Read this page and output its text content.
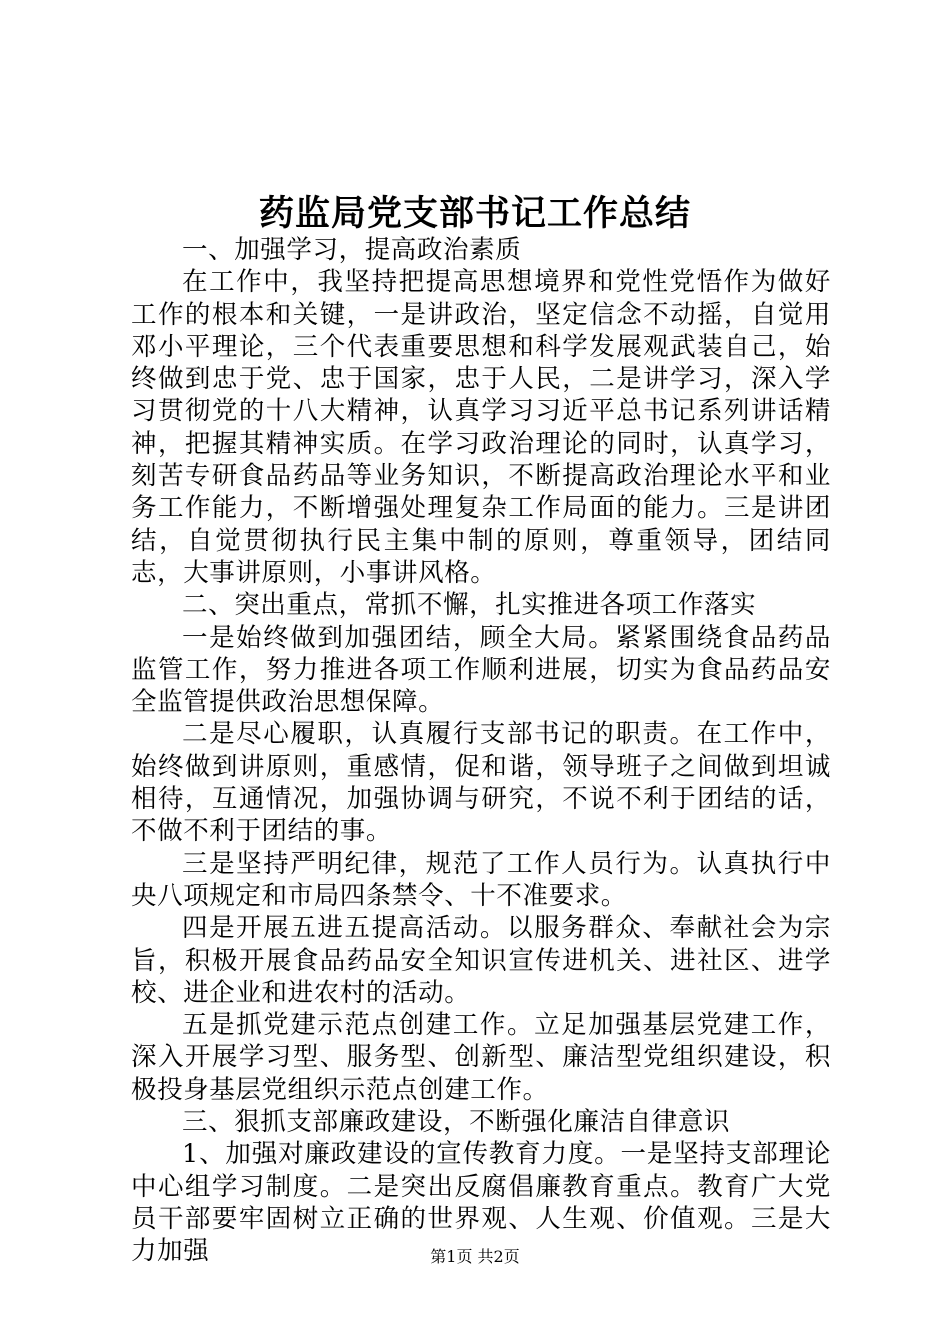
药监局党支部书记工作总结

一、加强学习，提高政治素质

在工作中，我坚持把提高思想境界和党性党悟作为做好工作的根本和关键，一是讲政治，坚定信念不动摇，自觉用邓小平理论，三个代表重要思想和科学发展观武装自己，始终做到忠于党、忠于国家，忠于人民，二是讲学习，深入学习贯彻党的十八大精神，认真学习习近平总书记系列讲话精神，把握其精神实质。在学习政治理论的同时，认真学习，刻苦专研食品药品等业务知识，不断提高政治理论水平和业务工作能力，不断增强处理复杂工作局面的能力。三是讲团结，自觉贯彻执行民主集中制的原则，尊重领导，团结同志，大事讲原则，小事讲风格。

二、突出重点，常抓不懈，扎实推进各项工作落实

一是始终做到加强团结，顾全大局。紧紧围绕食品药品监管工作，努力推进各项工作顺利进展，切实为食品药品安全监管提供政治思想保障。

二是尽心履职，认真履行支部书记的职责。在工作中，始终做到讲原则，重感情，促和谐，领导班子之间做到坦诚相待，互通情况，加强协调与研究，不说不利于团结的话，不做不利于团结的事。

三是坚持严明纪律，规范了工作人员行为。认真执行中央八项规定和市局四条禁令、十不准要求。

四是开展五进五提高活动。以服务群众、奉献社会为宗旨，积极开展食品药品安全知识宣传进机关、进社区、进学校、进企业和进农村的活动。

五是抓党建示范点创建工作。立足加强基层党建工作，深入开展学习型、服务型、创新型、廉洁型党组织建设，积极投身基层党组织示范点创建工作。

三、狠抓支部廉政建设，不断强化廉洁自律意识

1、加强对廉政建设的宣传教育力度。一是坚持支部理论中心组学习制度。二是突出反腐倡廉教育重点。教育广大党员干部要牢固树立正确的世界观、人生观、价值观。三是大力加强	第1页 共2页
